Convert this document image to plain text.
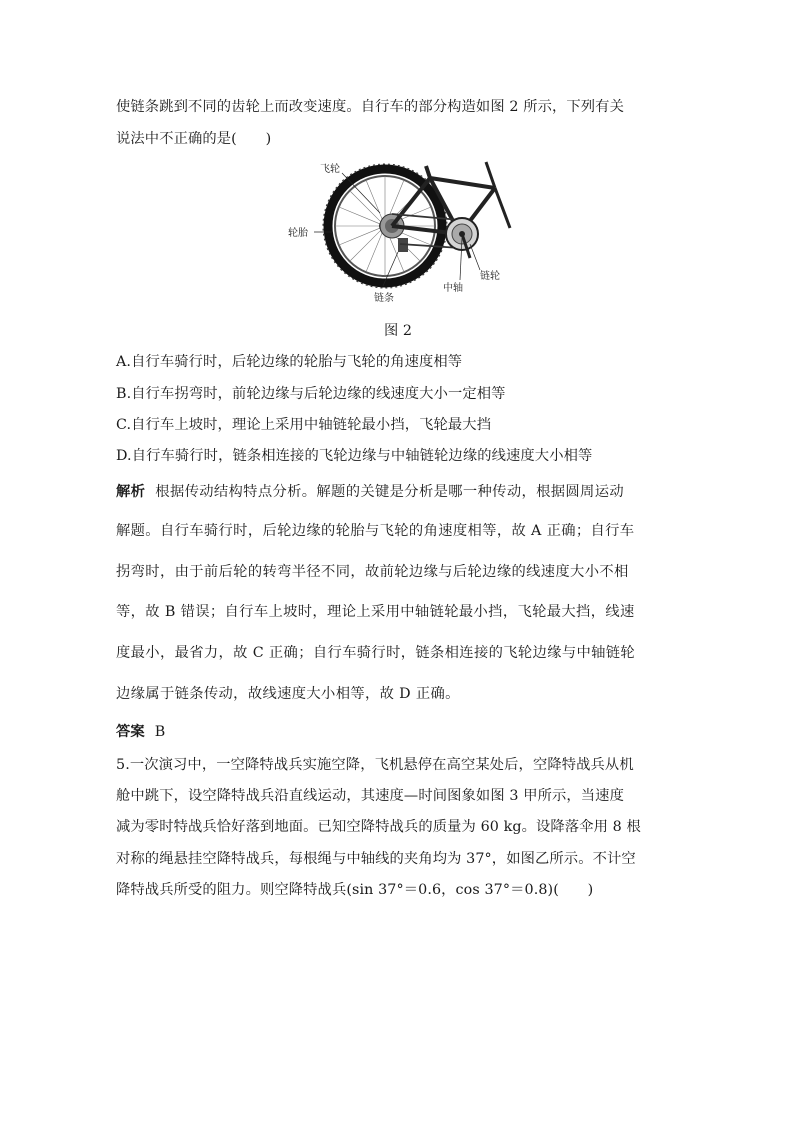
使链条跳到不同的齿轮上而改变速度。自行车的部分构造如图 2 所示，下列有关
说法中不正确的是(　　)
飞轮
轮胎
链条
中轴
链轮
图 2
A.自行车骑行时，后轮边缘的轮胎与飞轮的角速度相等
B.自行车拐弯时，前轮边缘与后轮边缘的线速度大小一定相等
C.自行车上坡时，理论上采用中轴链轮最小挡，飞轮最大挡
D.自行车骑行时，链条相连接的飞轮边缘与中轴链轮边缘的线速度大小相等
解析 根据传动结构特点分析。解题的关键是分析是哪一种传动，根据圆周运动
解题。自行车骑行时，后轮边缘的轮胎与飞轮的角速度相等，故 A 正确；自行车
拐弯时，由于前后轮的转弯半径不同，故前轮边缘与后轮边缘的线速度大小不相
等，故 B 错误；自行车上坡时，理论上采用中轴链轮最小挡，飞轮最大挡，线速
度最小，最省力，故 C 正确；自行车骑行时，链条相连接的飞轮边缘与中轴链轮
边缘属于链条传动，故线速度大小相等，故 D 正确。
答案 B
5.一次演习中，一空降特战兵实施空降，飞机悬停在高空某处后，空降特战兵从机
舱中跳下，设空降特战兵沿直线运动，其速度—时间图象如图 3 甲所示，当速度
减为零时特战兵恰好落到地面。已知空降特战兵的质量为 60 kg。设降落伞用 8 根
对称的绳悬挂空降特战兵，每根绳与中轴线的夹角均为 37°，如图乙所示。不计空
降特战兵所受的阻力。则空降特战兵(sin 37°＝0.6，cos 37°＝0.8)(　　)
